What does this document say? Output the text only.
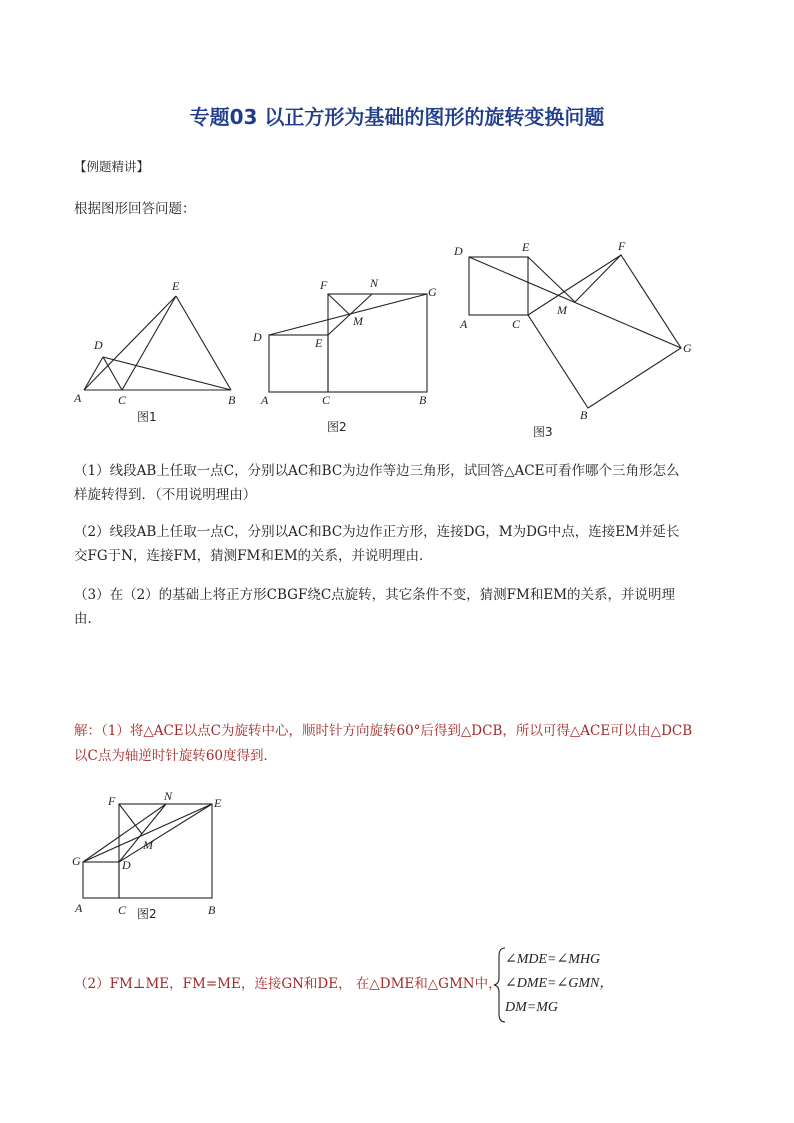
专题03 以正方形为基础的图形的旋转变换问题
【例题精讲】
根据图形回答问题：
A	C	B
D
E
图1
A	C	B
D	E
F	N
G
M
图2
A	C
B
D	E	F
G
M
图3
（1）线段AB上任取一点C，分别以AC和BC为边作等边三角形，试回答△ACE可看作哪个三角形怎么
样旋转得到．（不用说明理由）
（2）线段AB上任取一点C，分别以AC和BC为边作正方形，连接DG，M为DG中点，连接EM并延长
交FG于N，连接FM，猜测FM和EM的关系，并说明理由．
（3）在（2）的基础上将正方形CBGF绕C点旋转，其它条件不变，猜测FM和EM的关系，并说明理
由．
解：（1）将△ACE以点C为旋转中心，顺时针方向旋转60°后得到△DCB，所以可得△ACE可以由△DCB
以C点为轴逆时针旋转60度得到．
A	C	B
D
E
F
G
M
N
图2
（2）FM⊥ME，FM=ME，连接GN和DE， 在△DME和△GMN中，
∠MDE=∠MHG
∠DME=∠GMN，
DM=MG
